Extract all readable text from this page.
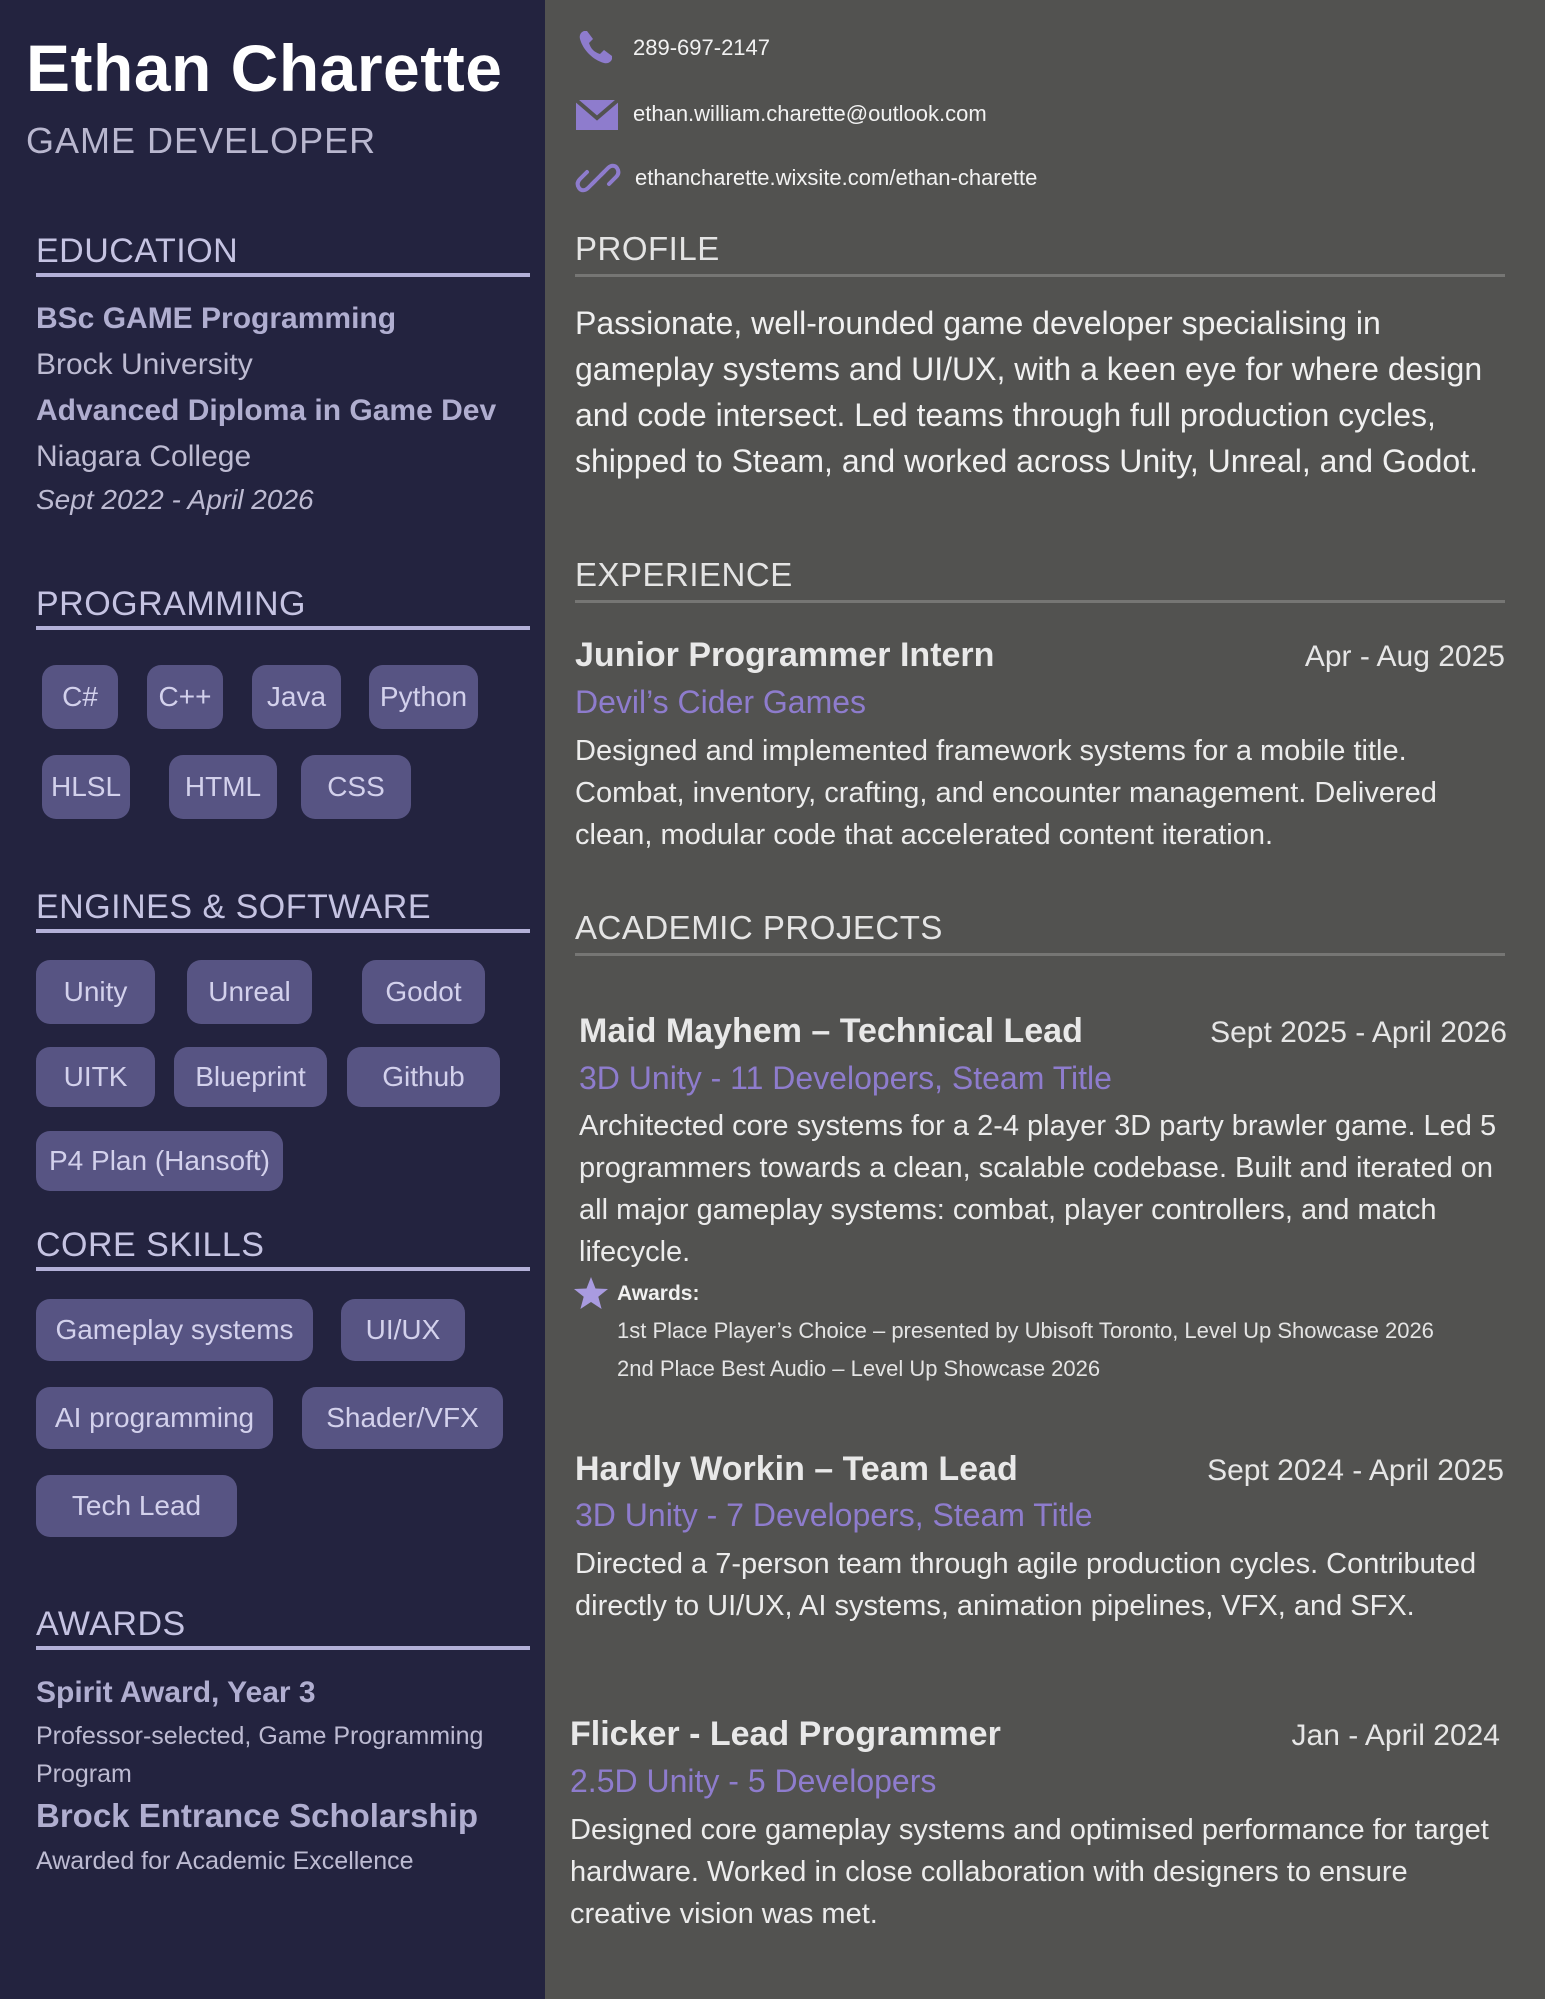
Ethan Charette
GAME DEVELOPER
EDUCATION
BSc GAME Programming
Brock University
Advanced Diploma in Game Dev
Niagara College
Sept 2022 - April 2026
PROGRAMMING
C#	C++	Java	Python
HLSL	HTML	CSS
ENGINES & SOFTWARE
Unity	Unreal	Godot
UITK	Blueprint	Github
P4 Plan (Hansoft)
CORE SKILLS
Gameplay systems	UI/UX
AI programming	Shader/VFX
Tech Lead
AWARDS
Spirit Award, Year 3
Professor-selected, Game Programming Program
Brock Entrance Scholarship
Awarded for Academic Excellence
289-697-2147
ethan.william.charette@outlook.com
ethancharette.wixsite.com/ethan-charette
PROFILE
Passionate, well-rounded game developer specialising in gameplay systems and UI/UX, with a keen eye for where design and code intersect. Led teams through full production cycles, shipped to Steam, and worked across Unity, Unreal, and Godot.
EXPERIENCE
Junior Programmer Intern	Apr - Aug 2025
Devil’s Cider Games
Designed and implemented framework systems for a mobile title. Combat, inventory, crafting, and encounter management. Delivered clean, modular code that accelerated content iteration.
ACADEMIC PROJECTS
Maid Mayhem – Technical Lead	Sept 2025 - April 2026
3D Unity - 11 Developers, Steam Title
Architected core systems for a 2-4 player 3D party brawler game. Led 5 programmers towards a clean, scalable codebase. Built and iterated on all major gameplay systems: combat, player controllers, and match lifecycle.
Awards:
1st Place Player’s Choice – presented by Ubisoft Toronto, Level Up Showcase 2026
2nd Place Best Audio – Level Up Showcase 2026
Hardly Workin – Team Lead	Sept 2024 - April 2025
3D Unity - 7 Developers, Steam Title
Directed a 7-person team through agile production cycles. Contributed directly to UI/UX, AI systems, animation pipelines, VFX, and SFX.
Flicker - Lead Programmer	Jan - April 2024
2.5D Unity - 5 Developers
Designed core gameplay systems and optimised performance for target hardware. Worked in close collaboration with designers to ensure creative vision was met.
